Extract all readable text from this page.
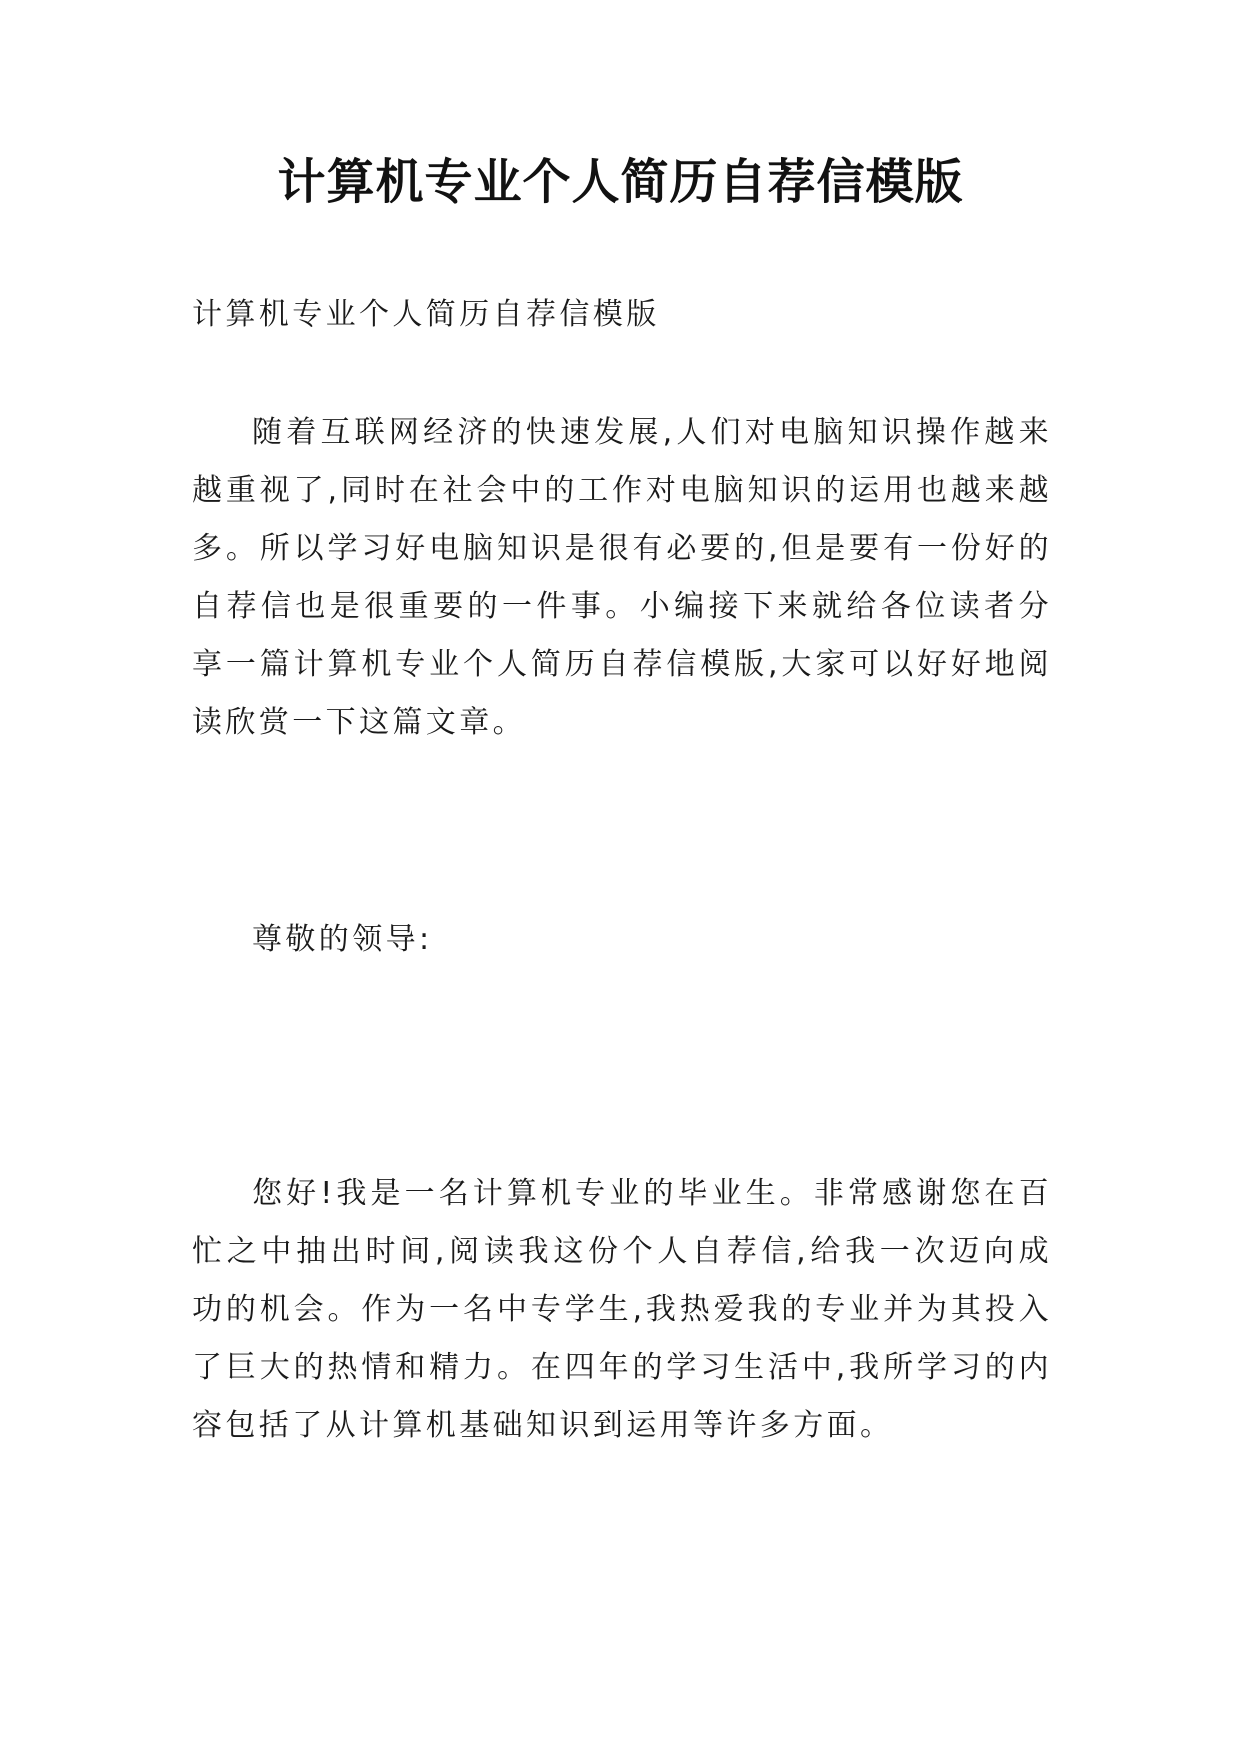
计算机专业个人简历自荐信模版
计算机专业个人简历自荐信模版
随着互联网经济的快速发展,人们对电脑知识操作越来越重视了,同时在社会中的工作对电脑知识的运用也越来越多。所以学习好电脑知识是很有必要的,但是要有一份好的自荐信也是很重要的一件事。小编接下来就给各位读者分享一篇计算机专业个人简历自荐信模版,大家可以好好地阅读欣赏一下这篇文章。
尊敬的领导:
您好!我是一名计算机专业的毕业生。非常感谢您在百忙之中抽出时间,阅读我这份个人自荐信,给我一次迈向成功的机会。作为一名中专学生,我热爱我的专业并为其投入了巨大的热情和精力。在四年的学习生活中,我所学习的内容包括了从计算机基础知识到运用等许多方面。
